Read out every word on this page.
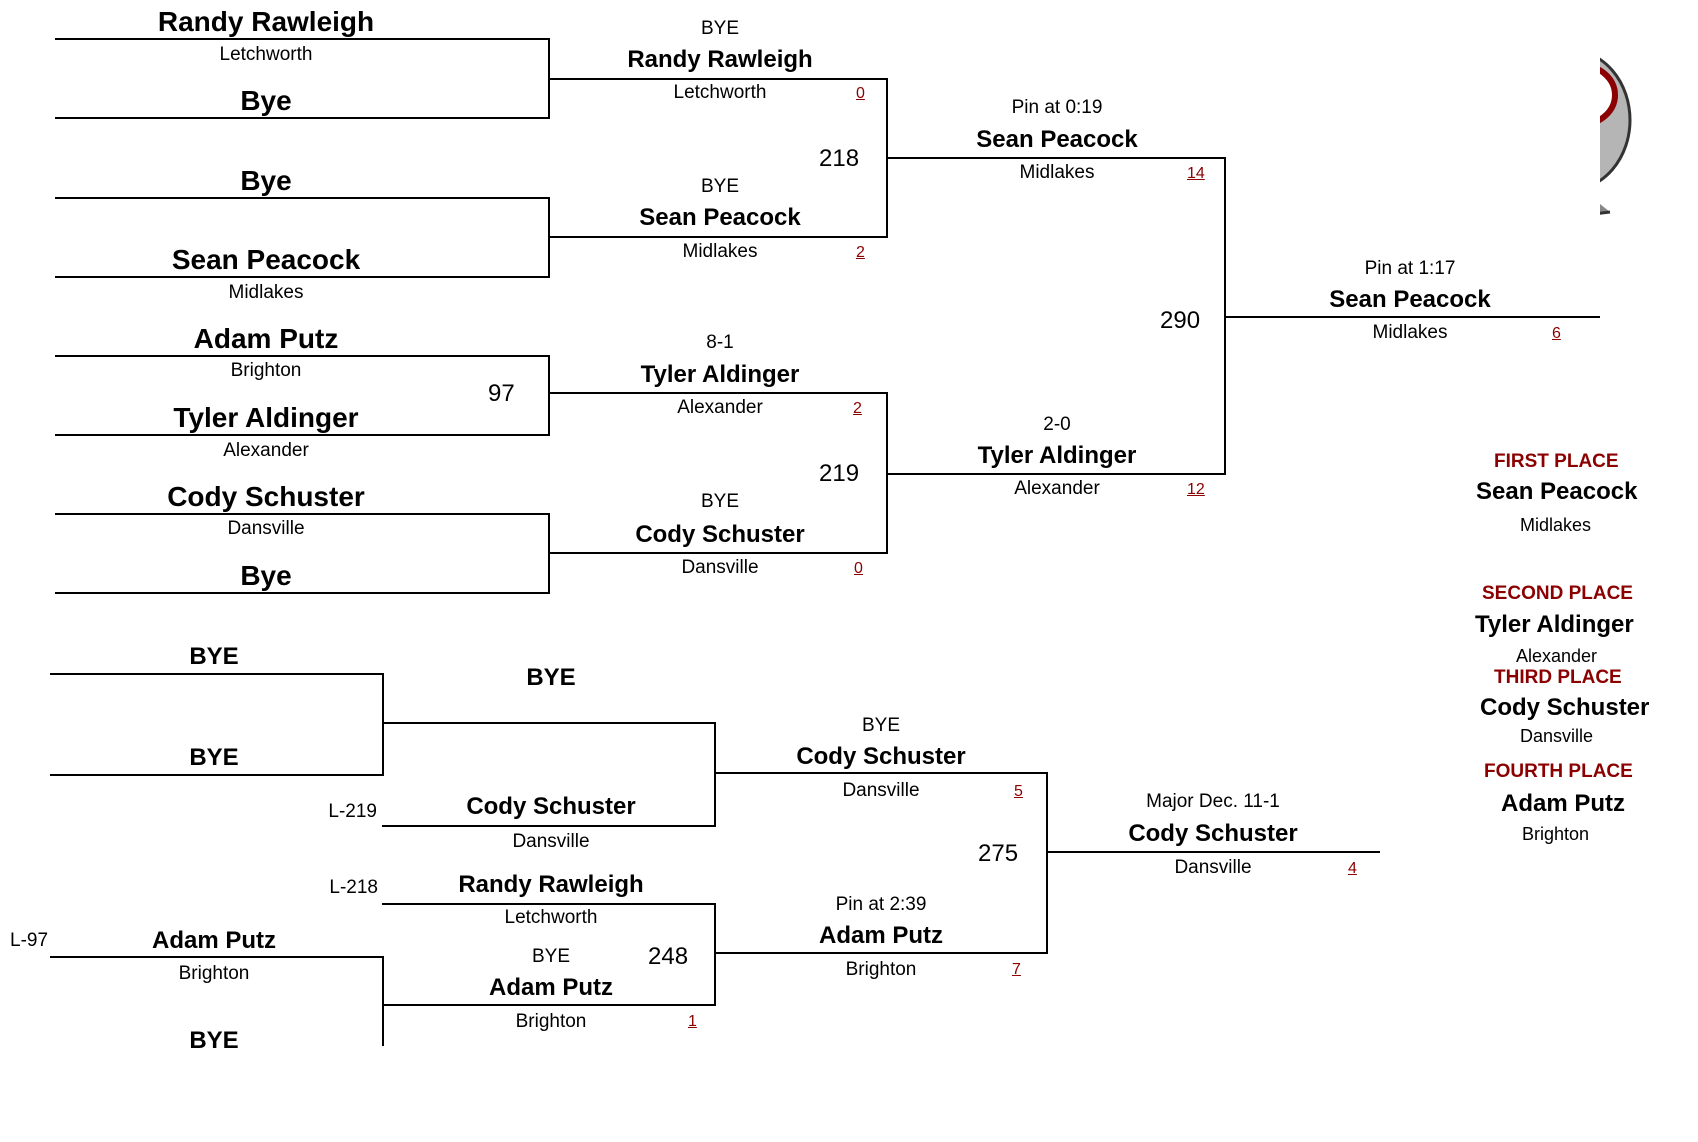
Randy Rawleigh
Letchworth
Bye
Bye
Sean Peacock
Midlakes
Adam Putz
Brighton
Tyler Aldinger
Alexander
Cody Schuster
Dansville
Bye
97
BYE
Randy Rawleigh
Letchworth	0
BYE
Sean Peacock
Midlakes	2
8-1
Tyler Aldinger
Alexander	2
BYE
Cody Schuster
Dansville	0
218
219
Pin at 0:19
Sean Peacock
Midlakes	14
2-0
Tyler Aldinger
Alexander	12
290
Pin at 1:17
Sean Peacock
Midlakes	6
BYE
BYE
L-97	Adam Putz
Brighton
BYE
BYE
L-219	Cody Schuster
Dansville
L-218	Randy Rawleigh
Letchworth
BYE
Adam Putz
Brighton	1
248
BYE
Cody Schuster
Dansville	5
Pin at 2:39
Adam Putz
Brighton	7
275
Major Dec. 11-1
Cody Schuster
Dansville	4
FIRST PLACE
Sean Peacock
Midlakes
SECOND PLACE
Tyler Aldinger
Alexander
THIRD PLACE
Cody Schuster
Dansville
FOURTH PLACE
Adam Putz
Brighton
